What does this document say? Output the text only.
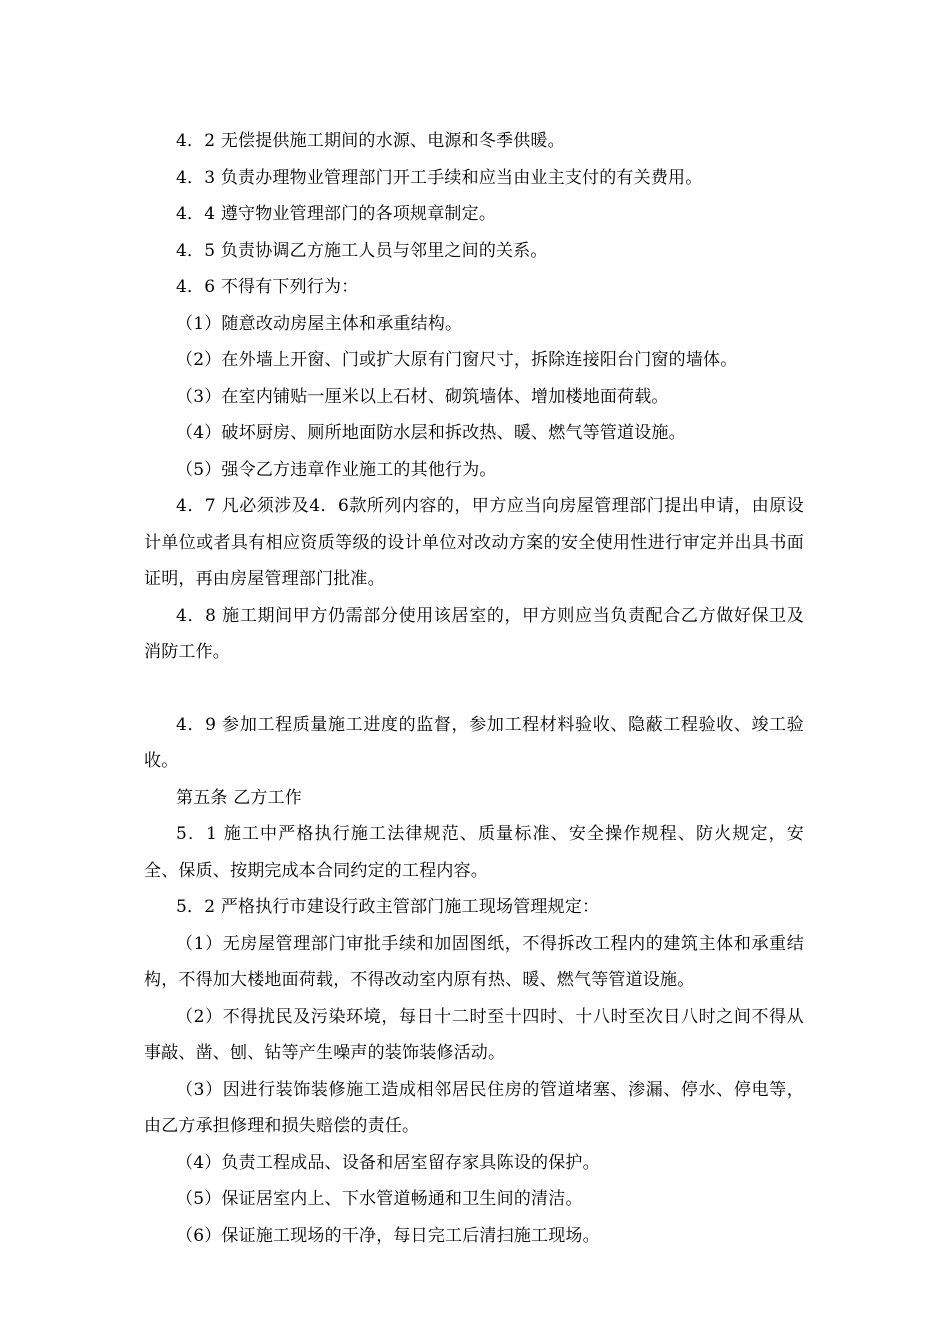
4．2 无偿提供施工期间的水源、电源和冬季供暖。

4．3 负责办理物业管理部门开工手续和应当由业主支付的有关费用。

4．4 遵守物业管理部门的各项规章制定。

4．5 负责协调乙方施工人员与邻里之间的关系。

4．6 不得有下列行为：

（1）随意改动房屋主体和承重结构。

（2）在外墙上开窗、门或扩大原有门窗尺寸，拆除连接阳台门窗的墙体。

（3）在室内铺贴一厘米以上石材、砌筑墙体、增加楼地面荷载。

（4）破坏厨房、厕所地面防水层和拆改热、暖、燃气等管道设施。

（5）强令乙方违章作业施工的其他行为。

4．7 凡必须涉及4．6款所列内容的，甲方应当向房屋管理部门提出申请，由原设计单位或者具有相应资质等级的设计单位对改动方案的安全使用性进行审定并出具书面证明，再由房屋管理部门批准。

4．8 施工期间甲方仍需部分使用该居室的，甲方则应当负责配合乙方做好保卫及消防工作。

4．9 参加工程质量施工进度的监督，参加工程材料验收、隐蔽工程验收、竣工验收。

第五条 乙方工作

5．1 施工中严格执行施工法律规范、质量标准、安全操作规程、防火规定，安全、保质、按期完成本合同约定的工程内容。

5．2 严格执行市建设行政主管部门施工现场管理规定：

（1）无房屋管理部门审批手续和加固图纸，不得拆改工程内的建筑主体和承重结构，不得加大楼地面荷载，不得改动室内原有热、暖、燃气等管道设施。

（2）不得扰民及污染环境，每日十二时至十四时、十八时至次日八时之间不得从事敲、凿、刨、钻等产生噪声的装饰装修活动。

（3）因进行装饰装修施工造成相邻居民住房的管道堵塞、渗漏、停水、停电等，由乙方承担修理和损失赔偿的责任。

（4）负责工程成品、设备和居室留存家具陈设的保护。

（5）保证居室内上、下水管道畅通和卫生间的清洁。

（6）保证施工现场的干净，每日完工后清扫施工现场。
